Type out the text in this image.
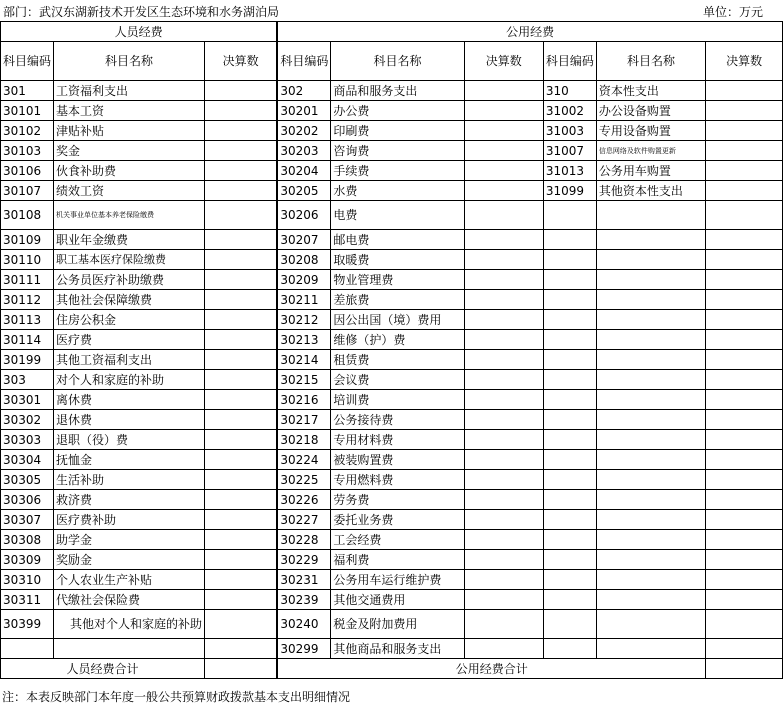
部门：武汉东湖新技术开发区生态环境和水务湖泊局	单位：万元
人员经费			公用经费					
科目编码	科目名称	决算数	科目编码	科目名称	决算数	科目编码	科目名称	决算数
301	工资福利支出		302	商品和服务支出		310	资本性支出	
30101	基本工资		30201	办公费		31002	办公设备购置	
30102	津贴补贴		30202	印刷费		31003	专用设备购置	
30103	奖金		30203	咨询费		31007	信息网络及软件购置更新	
30106	伙食补助费		30204	手续费		31013	公务用车购置	
30107	绩效工资		30205	水费		31099	其他资本性支出	
30108	机关事业单位基本养老保险缴费		30206	电费				
30109	职业年金缴费		30207	邮电费				
30110	职工基本医疗保险缴费		30208	取暖费				
30111	公务员医疗补助缴费		30209	物业管理费				
30112	其他社会保障缴费		30211	差旅费				
30113	住房公积金		30212	因公出国（境）费用				
30114	医疗费		30213	维修（护）费				
30199	其他工资福利支出		30214	租赁费				
303	对个人和家庭的补助		30215	会议费				
30301	离休费		30216	培训费				
30302	退休费		30217	公务接待费				
30303	退职（役）费		30218	专用材料费				
30304	抚恤金		30224	被装购置费				
30305	生活补助		30225	专用燃料费				
30306	救济费		30226	劳务费				
30307	医疗费补助		30227	委托业务费				
30308	助学金		30228	工会经费				
30309	奖励金		30229	福利费				
30310	个人农业生产补贴		30231	公务用车运行维护费				
30311	代缴社会保险费		30239	其他交通费用				
30399	其他对个人和家庭的补助		30240	税金及附加费用				
			30299	其他商品和服务支出				
人员经费合计			公用经费合计					
注：本表反映部门本年度一般公共预算财政拨款基本支出明细情况
